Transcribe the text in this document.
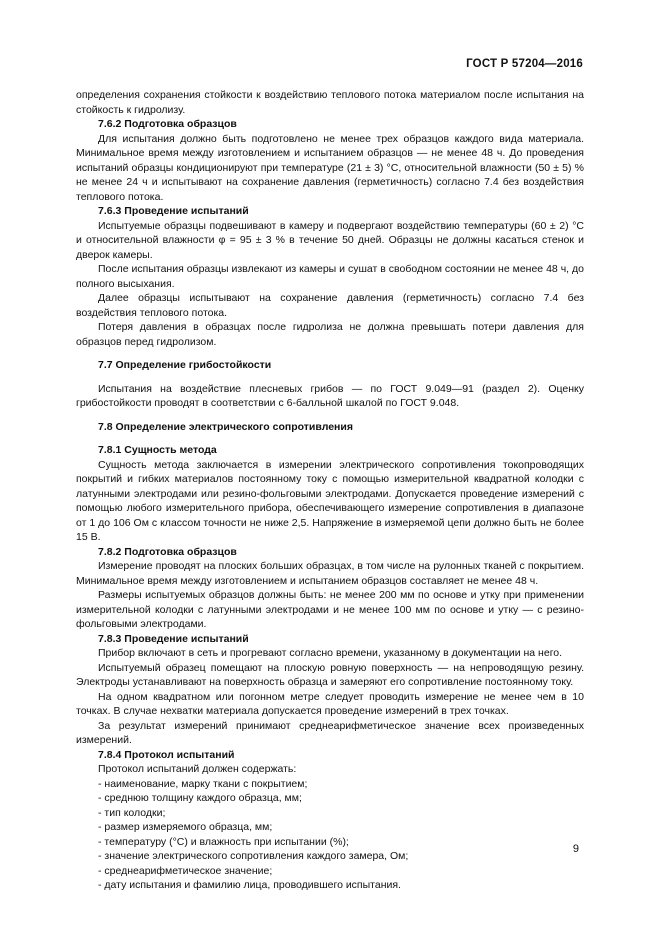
ГОСТ Р 57204—2016

определения сохранения стойкости к воздействию теплового потока материалом после испытания на стойкость к гидролизу.

7.6.2 Подготовка образцов

Для испытания должно быть подготовлено не менее трех образцов каждого вида материала. Минимальное время между изготовлением и испытанием образцов — не менее 48 ч. До проведения испытаний образцы кондиционируют при температуре (21 ± 3) °С, относительной влажности (50 ± 5) % не менее 24 ч и испытывают на сохранение давления (герметичность) согласно 7.4 без воздействия теплового потока.

7.6.3 Проведение испытаний

Испытуемые образцы подвешивают в камеру и подвергают воздействию температуры (60 ± 2) °С и относительной влажности φ = 95 ± 3 % в течение 50 дней. Образцы не должны касаться стенок и дверок камеры.

После испытания образцы извлекают из камеры и сушат в свободном состоянии не менее 48 ч, до полного высыхания.

Далее образцы испытывают на сохранение давления (герметичность) согласно 7.4 без воздействия теплового потока.

Потеря давления в образцах после гидролиза не должна превышать потери давления для образцов перед гидролизом.

7.7 Определение грибостойкости

Испытания на воздействие плесневых грибов — по ГОСТ 9.049—91 (раздел 2). Оценку грибостойкости проводят в соответствии с 6-балльной шкалой по ГОСТ 9.048.

7.8 Определение электрического сопротивления

7.8.1 Сущность метода

Сущность метода заключается в измерении электрического сопротивления токопроводящих покрытий и гибких материалов постоянному току с помощью измерительной квадратной колодки с латунными электродами или резино-фольговыми электродами. Допускается проведение измерений с помощью любого измерительного прибора, обеспечивающего измерение сопротивления в диапазоне от 1 до 106 Ом с классом точности не ниже 2,5. Напряжение в измеряемой цепи должно быть не более 15 В.

7.8.2 Подготовка образцов

Измерение проводят на плоских больших образцах, в том числе на рулонных тканей с покрытием. Минимальное время между изготовлением и испытанием образцов составляет не менее 48 ч.

Размеры испытуемых образцов должны быть: не менее 200 мм по основе и утку при применении измерительной колодки с латунными электродами и не менее 100 мм по основе и утку — с резино-фольговыми электродами.

7.8.3 Проведение испытаний

Прибор включают в сеть и прогревают согласно времени, указанному в документации на него.

Испытуемый образец помещают на плоскую ровную поверхность — на непроводящую резину. Электроды устанавливают на поверхность образца и замеряют его сопротивление постоянному току.

На одном квадратном или погонном метре следует проводить измерение не менее чем в 10 точках. В случае нехватки материала допускается проведение измерений в трех точках.

За результат измерений принимают среднеарифметическое значение всех произведенных измерений.

7.8.4 Протокол испытаний

Протокол испытаний должен содержать:

- наименование, марку ткани с покрытием;

- среднюю толщину каждого образца, мм;

- тип колодки;

- размер измеряемого образца, мм;

- температуру (°С) и влажность при испытании (%);

- значение электрического сопротивления каждого замера, Ом;

- среднеарифметическое значение;

- дату испытания и фамилию лица, проводившего испытания.

9
